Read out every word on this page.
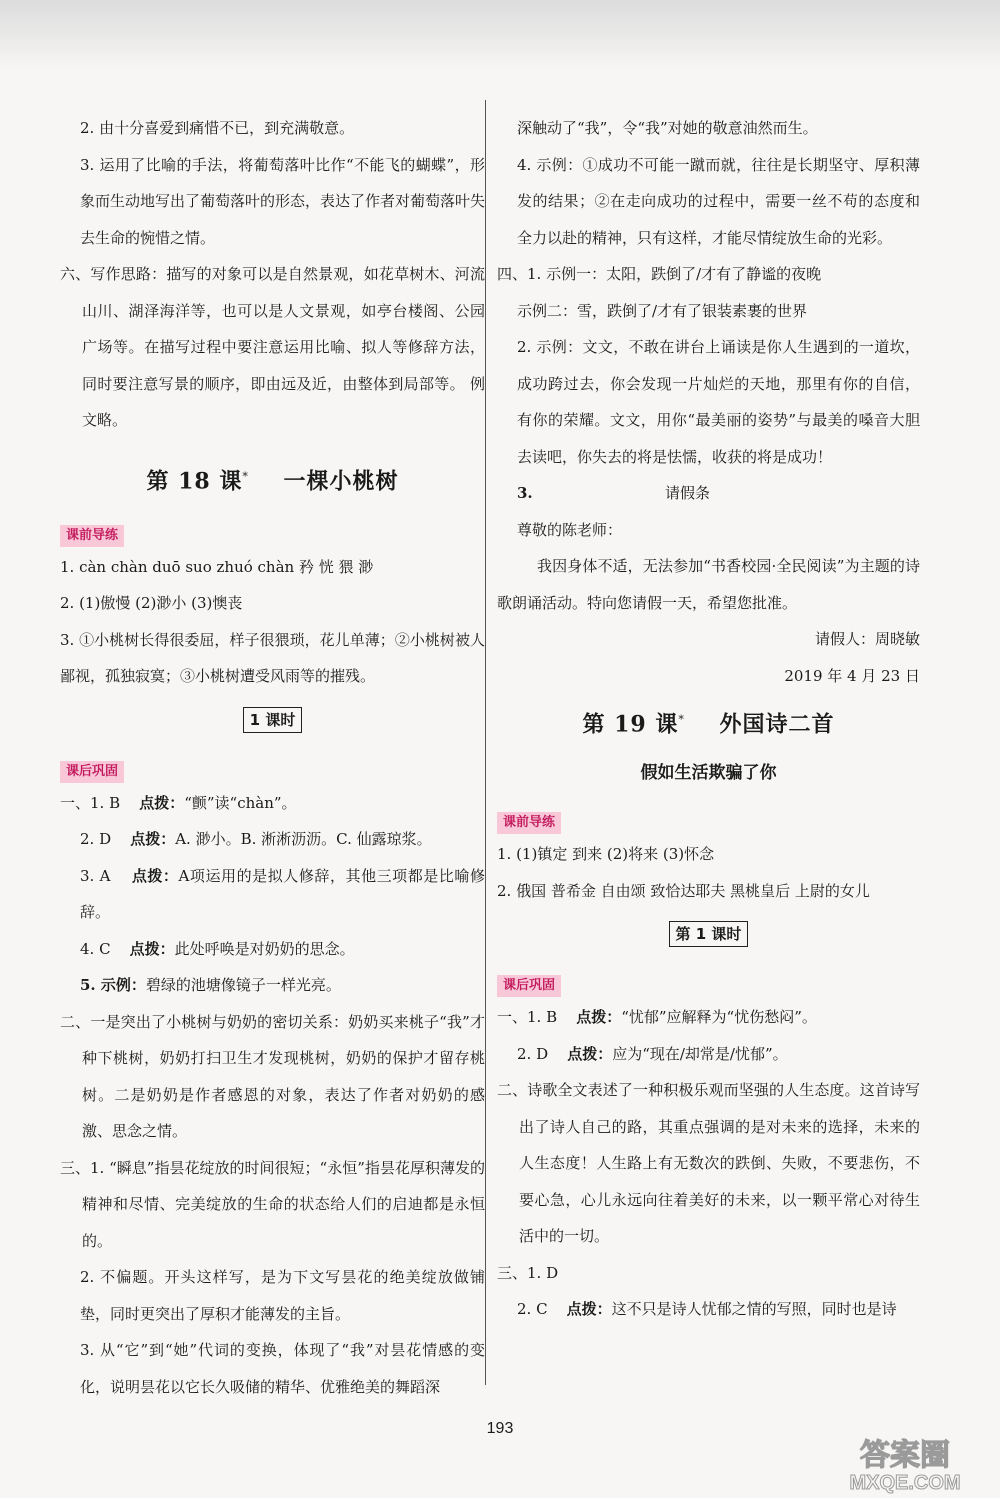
2. 由十分喜爱到痛惜不已，到充满敬意。

3. 运用了比喻的手法，将葡萄落叶比作“不能飞的蝴蝶”，形象而生动地写出了葡萄落叶的形态，表达了作者对葡萄落叶失去生命的惋惜之情。

六、写作思路：描写的对象可以是自然景观，如花草树木、河流山川、湖泽海洋等，也可以是人文景观，如亭台楼阁、公园广场等。在描写过程中要注意运用比喻、拟人等修辞方法，同时要注意写景的顺序，即由远及近，由整体到局部等。 例文略。

第 18 课* 一棵小桃树
课前导练

1. càn chàn duō suo zhuó chàn 矜 恍 猥 渺

2. (1)傲慢 (2)渺小 (3)懊丧

3. ①小桃树长得很委屈，样子很猥琐，花儿单薄；②小桃树被人鄙视，孤独寂寞；③小桃树遭受风雨等的摧残。

1 课时
课后巩固

一、1. B 点拨：“颤”读“chàn”。

2. D 点拨：A. 渺小。B. 淅淅沥沥。C. 仙露琼浆。

3. A 点拨：A项运用的是拟人修辞，其他三项都是比喻修辞。

4. C 点拨：此处呼唤是对奶奶的思念。

5. 示例：碧绿的池塘像镜子一样光亮。

二、一是突出了小桃树与奶奶的密切关系：奶奶买来桃子“我”才种下桃树，奶奶打扫卫生才发现桃树，奶奶的保护才留存桃树。二是奶奶是作者感恩的对象，表达了作者对奶奶的感激、思念之情。

三、1. “瞬息”指昙花绽放的时间很短；“永恒”指昙花厚积薄发的精神和尽情、完美绽放的生命的状态给人们的启迪都是永恒的。

2. 不偏题。开头这样写，是为下文写昙花的绝美绽放做铺垫，同时更突出了厚积才能薄发的主旨。

3. 从“它”到“她”代词的变换，体现了“我”对昙花情感的变化，说明昙花以它长久吸储的精华、优雅绝美的舞蹈深

深触动了“我”，令“我”对她的敬意油然而生。

4. 示例：①成功不可能一蹴而就，往往是长期坚守、厚积薄发的结果；②在走向成功的过程中，需要一丝不苟的态度和全力以赴的精神，只有这样，才能尽情绽放生命的光彩。

四、1. 示例一：太阳，跌倒了/才有了静谧的夜晚

示例二：雪，跌倒了/才有了银装素裹的世界

2. 示例：文文，不敢在讲台上诵读是你人生遇到的一道坎，成功跨过去，你会发现一片灿烂的天地，那里有你的自信，有你的荣耀。文文，用你“最美丽的姿势”与最美的嗓音大胆去读吧，你失去的将是怯懦，收获的将是成功！

3.	请假条

尊敬的陈老师：

我因身体不适，无法参加“书香校园·全民阅读”为主题的诗歌朗诵活动。特向您请假一天，希望您批准。

请假人：周晓敏

2019 年 4 月 23 日

第 19 课* 外国诗二首
假如生活欺骗了你
课前导练

1. (1)镇定 到来 (2)将来 (3)怀念

2. 俄国 普希金 自由颂 致恰达耶夫 黑桃皇后 上尉的女儿

第 1 课时
课后巩固

一、1. B 点拨：“忧郁”应解释为“忧伤愁闷”。

2. D 点拨：应为“现在/却常是/忧郁”。

二、诗歌全文表述了一种积极乐观而坚强的人生态度。这首诗写出了诗人自己的路，其重点强调的是对未来的选择，未来的人生态度！人生路上有无数次的跌倒、失败，不要悲伤，不要心急，心儿永远向往着美好的未来，以一颗平常心对待生活中的一切。

三、1. D

2. C 点拨：这不只是诗人忧郁之情的写照，同时也是诗

193
答案圈
MXQE.COM
